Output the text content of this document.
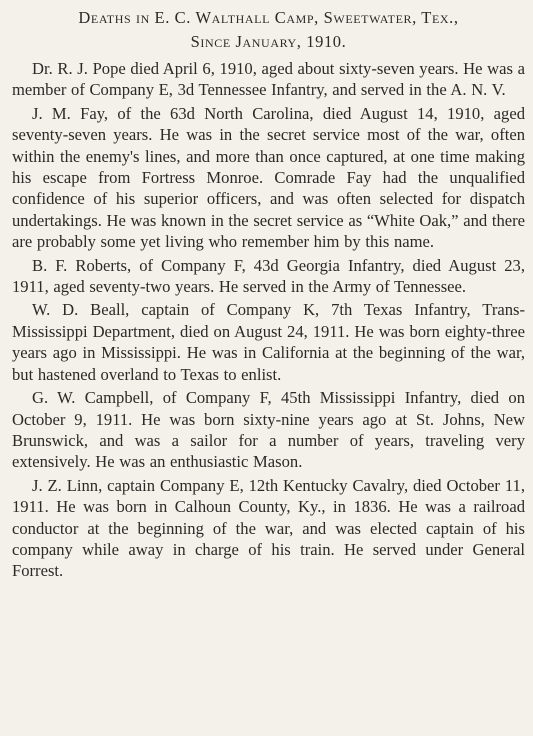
Deaths in E. C. Walthall Camp, Sweetwater, Tex.,
Since January, 1910.

Dr. R. J. Pope died April 6, 1910, aged about sixty-seven years. He was a member of Company E, 3d Tennessee Infantry, and served in the A. N. V.

J. M. Fay, of the 63d North Carolina, died August 14, 1910, aged seventy-seven years. He was in the secret service most of the war, often within the enemy's lines, and more than once captured, at one time making his escape from Fortress Monroe. Comrade Fay had the unqualified confidence of his superior officers, and was often selected for dispatch undertakings. He was known in the secret service as “White Oak,” and there are probably some yet living who remember him by this name.

B. F. Roberts, of Company F, 43d Georgia Infantry, died August 23, 1911, aged seventy-two years. He served in the Army of Tennessee.

W. D. Beall, captain of Company K, 7th Texas Infantry, Trans-Mississippi Department, died on August 24, 1911. He was born eighty-three years ago in Mississippi. He was in California at the beginning of the war, but hastened overland to Texas to enlist.

G. W. Campbell, of Company F, 45th Mississippi Infantry, died on October 9, 1911. He was born sixty-nine years ago at St. Johns, New Brunswick, and was a sailor for a number of years, traveling very extensively. He was an enthusiastic Mason.

J. Z. Linn, captain Company E, 12th Kentucky Cavalry, died October 11, 1911. He was born in Calhoun County, Ky., in 1836. He was a railroad conductor at the beginning of the war, and was elected captain of his company while away in charge of his train. He served under General Forrest.
